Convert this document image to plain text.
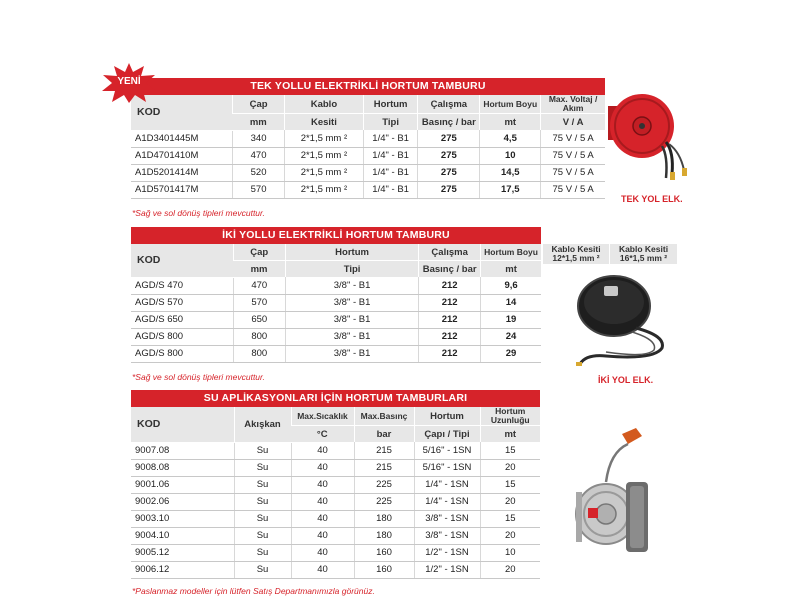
TEK YOLLU ELEKTRİKLİ HORTUM TAMBURU
KOD	Çap	Kablo	Hortum	Çalışma	Hortum Boyu	Max. Voltaj / Akım
	mm	Kesiti	Tipi	Basınç / bar	mt	V / A
A1D3401445M	340	2*1,5 mm ²	1/4" - B1	275	4,5	75 V / 5 A
A1D4701410M	470	2*1,5 mm ²	1/4" - B1	275	10	75 V / 5 A
A1D5201414M	520	2*1,5 mm ²	1/4" - B1	275	14,5	75 V / 5 A
A1D5701417M	570	2*1,5 mm ²	1/4" - B1	275	17,5	75 V / 5 A
YENİ
*Sağ ve sol dönüş tipleri mevcuttur.
TEK YOL ELK.
İKİ YOLLU ELEKTRİKLİ HORTUM TAMBURU
KOD	Çap	Hortum	Çalışma	Hortum Boyu
	mm	Tipi	Basınç / bar	mt
AGD/S 470	470	3/8" - B1	212	9,6
AGD/S 570	570	3/8" - B1	212	14
AGD/S 650	650	3/8" - B1	212	19
AGD/S 800	800	3/8" - B1	212	24
AGD/S 800	800	3/8" - B1	212	29
Kablo Kesiti 12*1,5 mm ²
Kablo Kesiti 16*1,5 mm ²
*Sağ ve sol dönüş tipleri mevcuttur.	İKİ YOL ELK.
SU APLİKASYONLARI İÇİN HORTUM TAMBURLARI
KOD	Akışkan	Max.Sıcaklık	Max.Basınç	Hortum	Hortum Uzunluğu
		°C	bar	Çapı / Tipi	mt
9007.08	Su	40	215	5/16" - 1SN	15
9008.08	Su	40	215	5/16" - 1SN	20
9001.06	Su	40	225	1/4" - 1SN	15
9002.06	Su	40	225	1/4" - 1SN	20
9003.10	Su	40	180	3/8" - 1SN	15
9004.10	Su	40	180	3/8" - 1SN	20
9005.12	Su	40	160	1/2" - 1SN	10
9006.12	Su	40	160	1/2" - 1SN	20
*Paslanmaz modeller için lütfen Satış Departmanımızla görünüz.
